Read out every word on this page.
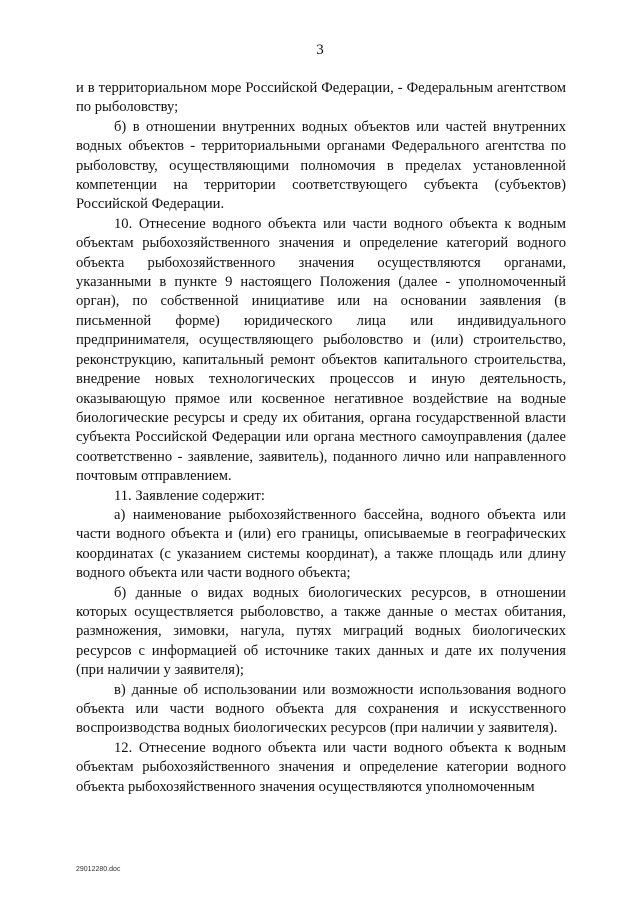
3

и в территориальном море Российской Федерации, - Федеральным агентством по рыболовству;

б) в отношении внутренних водных объектов или частей внутренних водных объектов - территориальными органами Федерального агентства по рыболовству, осуществляющими полномочия в пределах установленной компетенции на территории соответствующего субъекта (субъектов) Российской Федерации.

10. Отнесение водного объекта или части водного объекта к водным объектам рыбохозяйственного значения и определение категорий водного объекта рыбохозяйственного значения осуществляются органами, указанными в пункте 9 настоящего Положения (далее - уполномоченный орган), по собственной инициативе или на основании заявления (в письменной форме) юридического лица или индивидуального предпринимателя, осуществляющего рыболовство и (или) строительство, реконструкцию, капитальный ремонт объектов капитального строительства, внедрение новых технологических процессов и иную деятельность, оказывающую прямое или косвенное негативное воздействие на водные биологические ресурсы и среду их обитания, органа государственной власти субъекта Российской Федерации или органа местного самоуправления (далее соответственно - заявление, заявитель), поданного лично или направленного почтовым отправлением.

11. Заявление содержит:

а) наименование рыбохозяйственного бассейна, водного объекта или части водного объекта и (или) его границы, описываемые в географических координатах (с указанием системы координат), а также площадь или длину водного объекта или части водного объекта;

б) данные о видах водных биологических ресурсов, в отношении которых осуществляется рыболовство, а также данные о местах обитания, размножения, зимовки, нагула, путях миграций водных биологических ресурсов с информацией об источнике таких данных и дате их получения (при наличии у заявителя);

в) данные об использовании или возможности использования водного объекта или части водного объекта для сохранения и искусственного воспроизводства водных биологических ресурсов (при наличии у заявителя).

12. Отнесение водного объекта или части водного объекта к водным объектам рыбохозяйственного значения и определение категории водного объекта рыбохозяйственного значения осуществляются уполномоченным

29012280.doc
